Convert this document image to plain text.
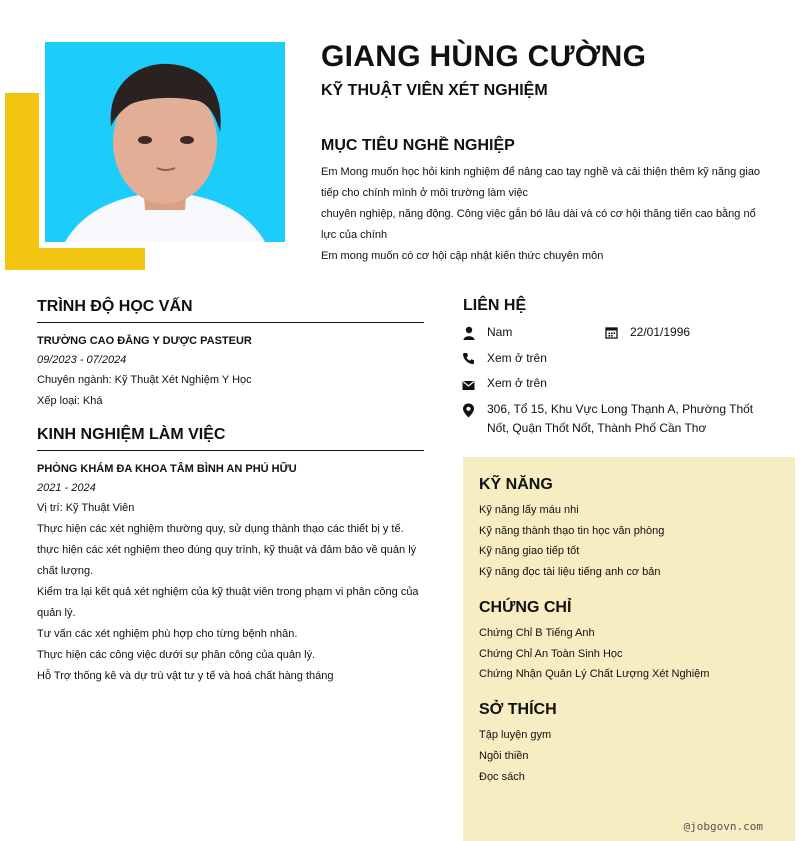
GIANG HÙNG CƯỜNG
KỸ THUẬT VIÊN XÉT NGHIỆM
MỤC TIÊU NGHỀ NGHIỆP

Em Mong muốn học hỏi kinh nghiệm để nâng cao tay nghề và cải thiện thêm kỹ năng giao tiếp cho chính mình ở môi trường làm việc

chuyên nghiệp, năng động. Công việc gắn bó lâu dài và có cơ hội thăng tiến cao bằng nổ lực của chính

Em mong muốn có cơ hội cập nhật kiến thức chuyên môn

TRÌNH ĐỘ HỌC VẤN
TRƯỜNG CAO ĐẲNG Y DƯỢC PASTEUR
09/2023 - 07/2024
Chuyên ngành: Kỹ Thuật Xét Nghiệm Y Học
Xếp loại: Khá
KINH NGHIỆM LÀM VIỆC
PHÒNG KHÁM ĐA KHOA TÂM BÌNH AN PHÚ HỮU
2021 - 2024
Vị trí: Kỹ Thuật Viên
Thực hiện các xét nghiệm thường quy, sử dụng thành thạo các thiết bị y tế.
thực hiện các xét nghiệm theo đúng quy trình, kỹ thuật và đảm bảo về quản lý chất lượng.
Kiểm tra lại kết quả xét nghiệm của kỹ thuật viên trong phạm vi phân công của quản lý.
Tư vấn các xét nghiệm phù hợp cho từng bệnh nhân.
Thực hiện các công việc dưới sự phân công của quản lý.
Hỗ Trợ thống kê và dự trù vật tư y tế và hoá chất hàng tháng
LIÊN HỆ
Nam	22/01/1996
Xem ở trên
Xem ở trên
306, Tổ 15, Khu Vực Long Thạnh A, Phường Thốt Nốt, Quận Thốt Nốt, Thành Phố Cần Thơ
KỸ NĂNG
Kỹ năng lấy máu nhi
Kỹ năng thành thạo tin học văn phòng
Kỹ năng giao tiếp tốt
Kỹ năng đọc tài liệu tiếng anh cơ bản
CHỨNG CHỈ
Chứng Chỉ B Tiếng Anh
Chứng Chỉ An Toàn Sinh Học
Chứng Nhận Quản Lý Chất Lượng Xét Nghiệm
SỞ THÍCH
Tập luyện gym
Ngồi thiền
Đọc sách
@jobgovn.com
